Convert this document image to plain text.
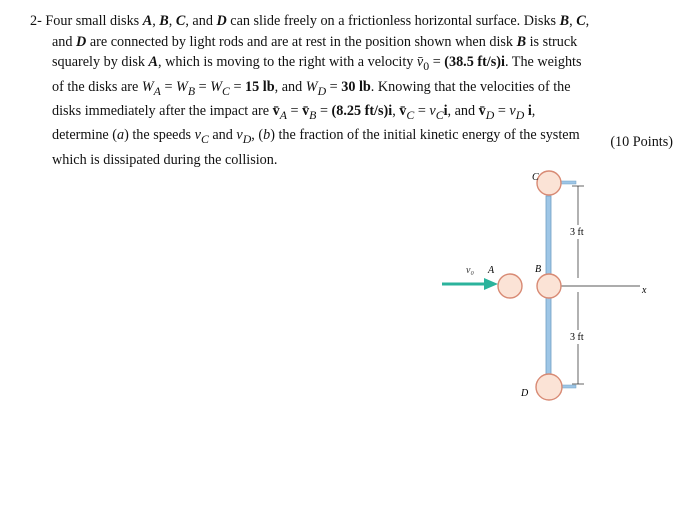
2- Four small disks A, B, C, and D can slide freely on a frictionless horizontal surface. Disks B, C,
and D are connected by light rods and are at rest in the position shown when disk B is struck
squarely by disk A, which is moving to the right with a velocity $v̄_0 = (38.5$ ft/s)i. The weights
of the disks are $W_A = W_B = W_C = 15$ lb, and $W_D = 30$ lb. Knowing that the velocities of the
disks immediately after the impact are $v̄_A$ = $v̄_B = (8.25$ ft/s)i, $v̄_C = v_Ci$, and $v̄_D = v_D$ i,
determine (a) the speeds $v_C$ and $v_D$, (b) the fraction of the initial kinetic energy of the system
which is dissipated during the collision.
(10 Points)
x
3 ft
3 ft
v₀
C
A	B
D
